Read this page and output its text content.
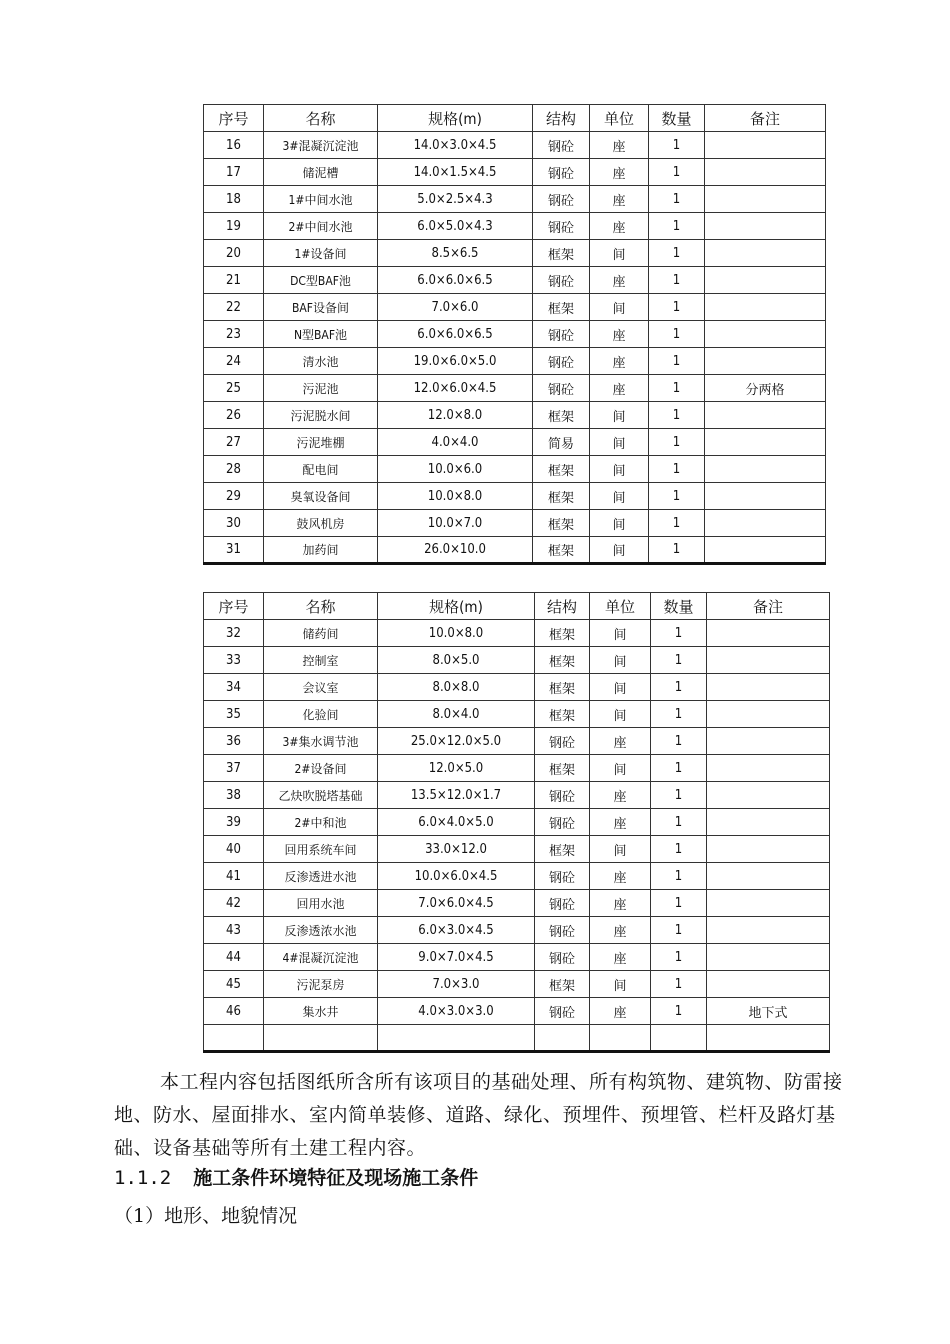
序号	名称	规格(m)	结构	单位	数量	备注
16	3#混凝沉淀池	14.0×3.0×4.5	钢砼	座	1	
17	储泥槽	14.0×1.5×4.5	钢砼	座	1	
18	1#中间水池	5.0×2.5×4.3	钢砼	座	1	
19	2#中间水池	6.0×5.0×4.3	钢砼	座	1	
20	1#设备间	8.5×6.5	框架	间	1	
21	DC型BAF池	6.0×6.0×6.5	钢砼	座	1	
22	BAF设备间	7.0×6.0	框架	间	1	
23	N型BAF池	6.0×6.0×6.5	钢砼	座	1	
24	清水池	19.0×6.0×5.0	钢砼	座	1	
25	污泥池	12.0×6.0×4.5	钢砼	座	1	分两格
26	污泥脱水间	12.0×8.0	框架	间	1	
27	污泥堆棚	4.0×4.0	简易	间	1	
28	配电间	10.0×6.0	框架	间	1	
29	臭氧设备间	10.0×8.0	框架	间	1	
30	鼓风机房	10.0×7.0	框架	间	1	
31	加药间	26.0×10.0	框架	间	1	
序号	名称	规格(m)	结构	单位	数量	备注
32	储药间	10.0×8.0	框架	间	1	
33	控制室	8.0×5.0	框架	间	1	
34	会议室	8.0×8.0	框架	间	1	
35	化验间	8.0×4.0	框架	间	1	
36	3#集水调节池	25.0×12.0×5.0	钢砼	座	1	
37	2#设备间	12.0×5.0	框架	间	1	
38	乙炔吹脱塔基础	13.5×12.0×1.7	钢砼	座	1	
39	2#中和池	6.0×4.0×5.0	钢砼	座	1	
40	回用系统车间	33.0×12.0	框架	间	1	
41	反渗透进水池	10.0×6.0×4.5	钢砼	座	1	
42	回用水池	7.0×6.0×4.5	钢砼	座	1	
43	反渗透浓水池	6.0×3.0×4.5	钢砼	座	1	
44	4#混凝沉淀池	9.0×7.0×4.5	钢砼	座	1	
45	污泥泵房	7.0×3.0	框架	间	1	
46	集水井	4.0×3.0×3.0	钢砼	座	1	地下式

本工程内容包括图纸所含所有该项目的基础处理、所有构筑物、建筑物、防雷接地、防水、屋面排水、室内简单装修、道路、绿化、预埋件、预埋管、栏杆及路灯基础、设备基础等所有土建工程内容。
1.1.2 施工条件环境特征及现场施工条件
（1）地形、地貌情况
